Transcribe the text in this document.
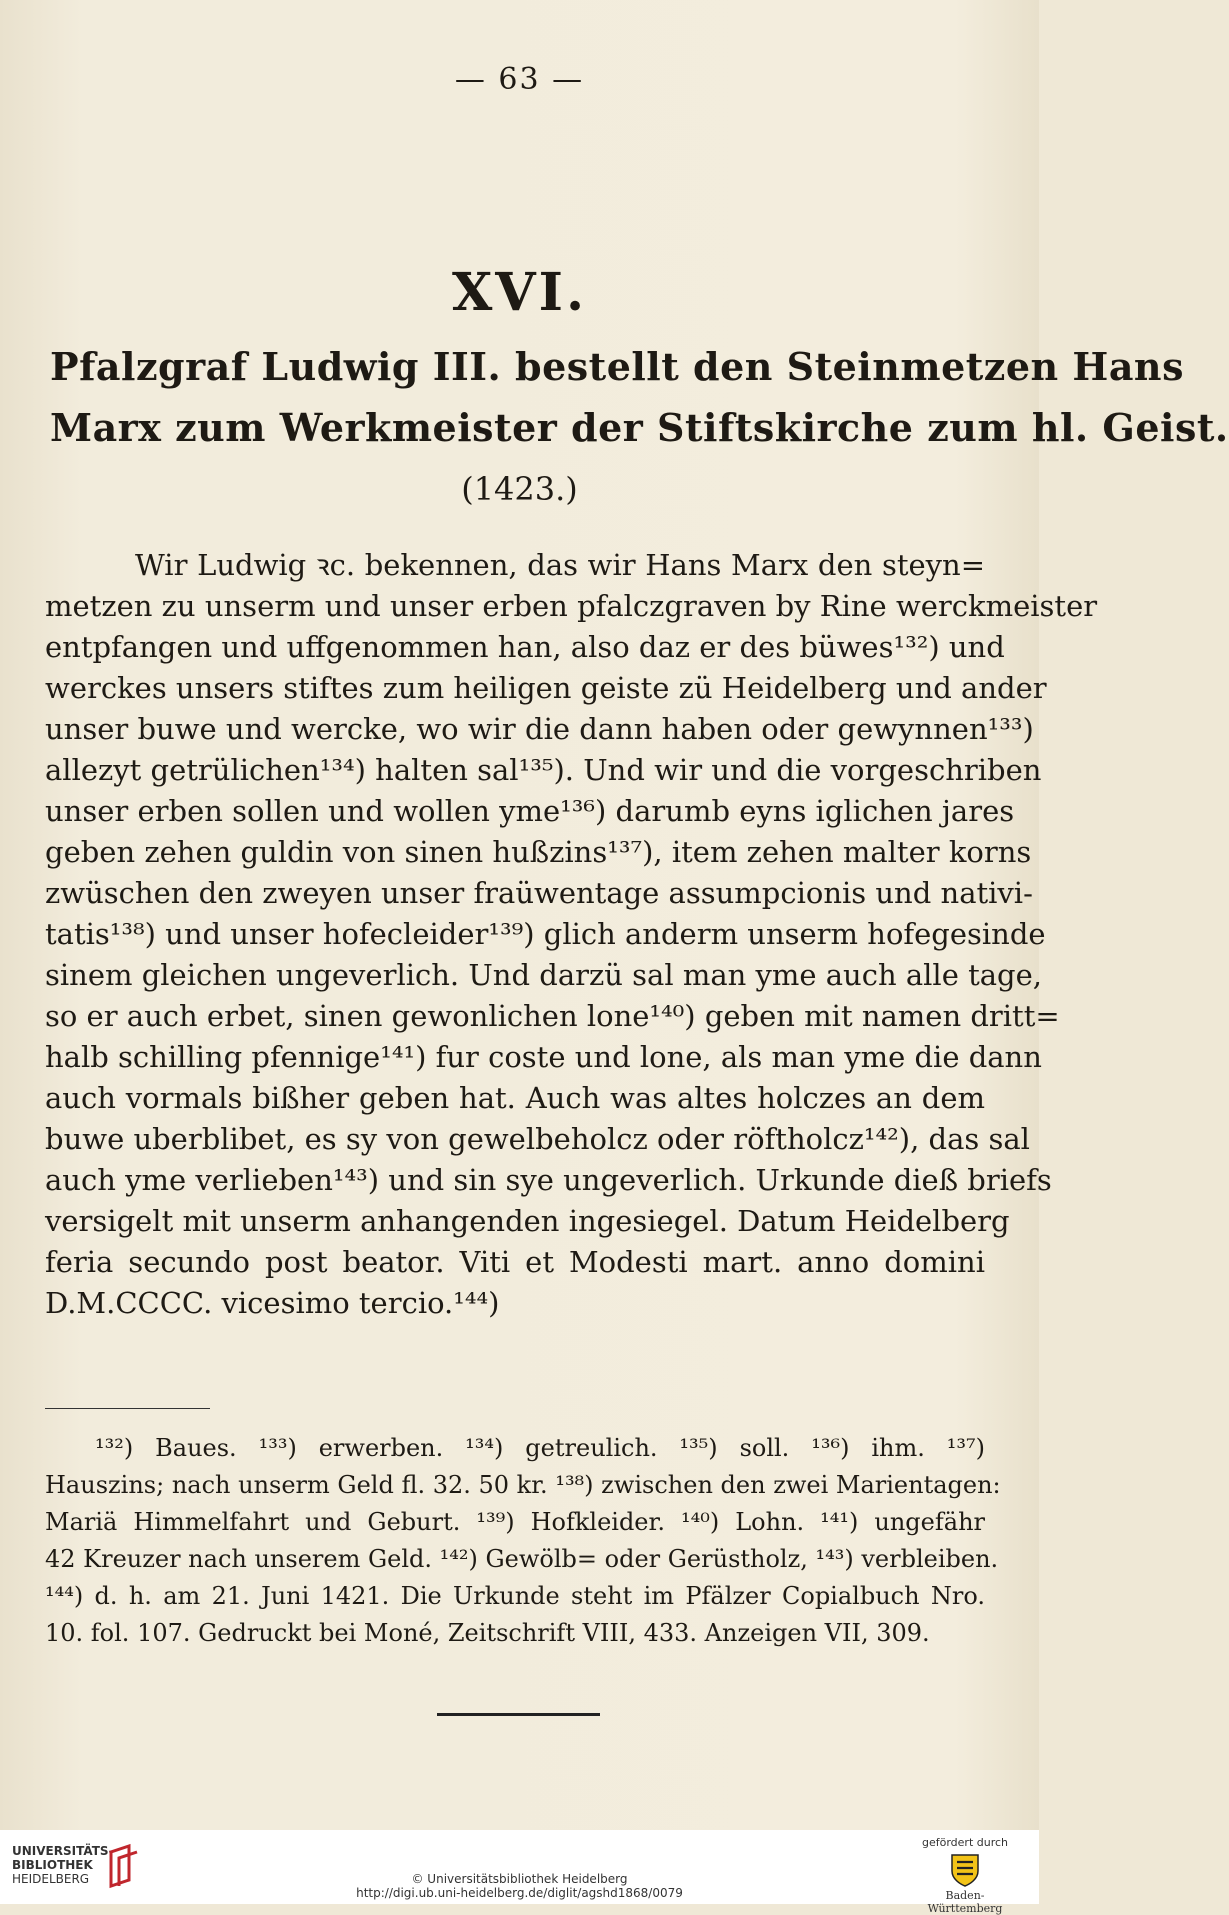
— 63 —
XVI.
Pfalzgraf Ludwig III. bestellt den Steinmetzen Hans
Marx zum Werkmeister der Stiftskirche zum hl. Geist.
(1423.)
Wir Ludwig ꝛc. bekennen, das wir Hans Marx den steyn=
metzen zu unserm und unser erben pfalczgraven by Rine werckmeister
entpfangen und uffgenommen han, also daz er des büwes¹³²) und
werckes unsers stiftes zum heiligen geiste zü Heidelberg und ander
unser buwe und wercke, wo wir die dann haben oder gewynnen¹³³)
allezyt getrülichen¹³⁴) halten sal¹³⁵). Und wir und die vorgeschriben
unser erben sollen und wollen yme¹³⁶) darumb eyns iglichen jares
geben zehen guldin von sinen hußzins¹³⁷), item zehen malter korns
zwüschen den zweyen unser fraüwentage assumpcionis und nativi-
tatis¹³⁸) und unser hofecleider¹³⁹) glich anderm unserm hofegesinde
sinem gleichen ungeverlich. Und darzü sal man yme auch alle tage,
so er auch erbet, sinen gewonlichen lone¹⁴⁰) geben mit namen dritt=
halb schilling pfennige¹⁴¹) fur coste und lone, als man yme die dann
auch vormals bißher geben hat. Auch was altes holczes an dem
buwe uberblibet, es sy von gewelbeholcz oder röftholcz¹⁴²), das sal
auch yme verlieben¹⁴³) und sin sye ungeverlich. Urkunde dieß briefs
versigelt mit unserm anhangenden ingesiegel. Datum Heidelberg
feria secundo post beator. Viti et Modesti mart. anno domini
D.M.CCCC. vicesimo tercio.¹⁴⁴)
¹³²) Baues. ¹³³) erwerben. ¹³⁴) getreulich. ¹³⁵) soll. ¹³⁶) ihm. ¹³⁷)
Hauszins; nach unserm Geld fl. 32. 50 kr. ¹³⁸) zwischen den zwei Marientagen:
Mariä Himmelfahrt und Geburt. ¹³⁹) Hofkleider. ¹⁴⁰) Lohn. ¹⁴¹) ungefähr
42 Kreuzer nach unserem Geld. ¹⁴²) Gewölb= oder Gerüstholz, ¹⁴³) verbleiben.
¹⁴⁴) d. h. am 21. Juni 1421. Die Urkunde steht im Pfälzer Copialbuch Nro.
10. fol. 107. Gedruckt bei Moné, Zeitschrift VIII, 433. Anzeigen VII, 309.
UNIVERSITÄTS-
BIBLIOTHEK
HEIDELBERG	© Universitätsbibliothek Heidelberg
http://digi.ub.uni-heidelberg.de/diglit/agshd1868/0079
gefördert durch
Baden-Württemberg
